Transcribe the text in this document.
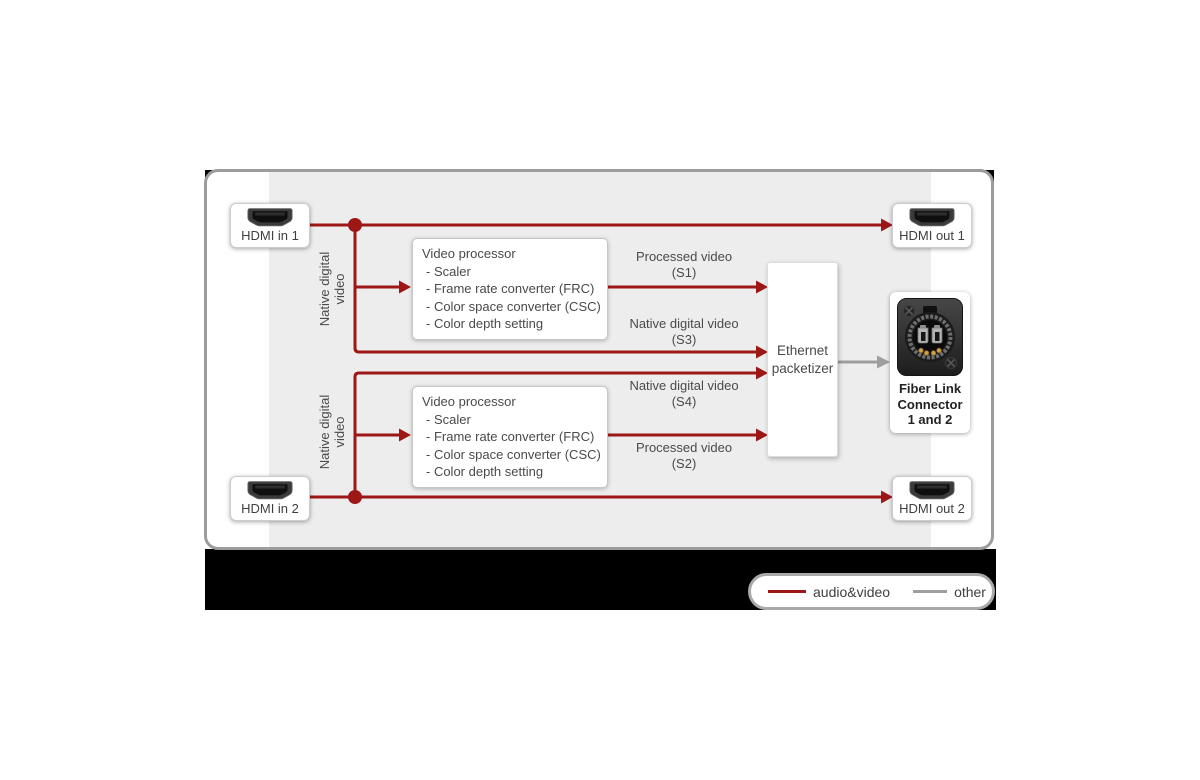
HDMI in 1	HDMI out 1
HDMI in 2	HDMI out 2
Video processor
- Scaler
- Frame rate converter (FRC)
- Color space converter (CSC)
- Color depth setting
Video processor
- Scaler
- Frame rate converter (FRC)
- Color space converter (CSC)
- Color depth setting
Ethernet
packetizer
Fiber Link
Connector
1 and 2
Processed video
(S1)
Native digital video
(S3)
Native digital video
(S4)
Processed video
(S2)
Native digital video
Native digital video
audio&video	other
